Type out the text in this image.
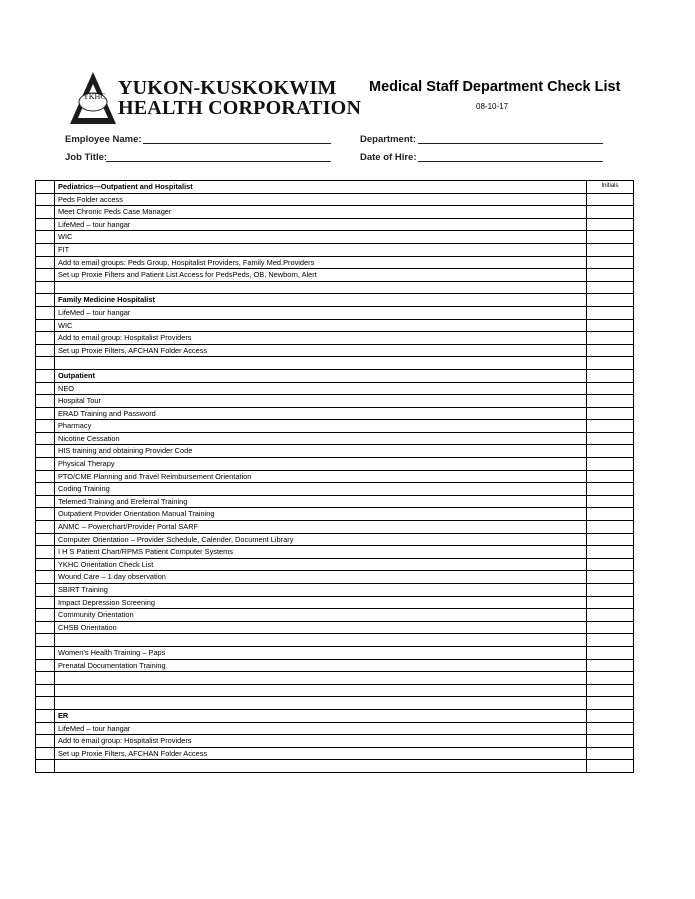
YKHC YUKON-KUSKOKWIM
HEALTH CORPORATION
Medical Staff Department Check List
08-10-17
Employee Name:
Job Title:
Department:
Date of Hire:
Pediatrics—Outpatient and Hospitalist	Initials
Peds Folder access
Meet Chronic Peds Case Manager
LifeMed – tour hangar
WIC
FIT
Add to email groups: Peds Group, Hospitalist Providers, Family Med.Providers
Set up Proxie Filters and Patient List Access for PedsPeds, OB, Newborn, Alert
Family Medicine Hospitalist
LifeMed – tour hangar
WIC
Add to email group: Hospitalist Providers
Set up Proxie Filters, AFCHAN Folder Access
Outpatient
NEO
Hospital Tour
ERAD Training and Password
Pharmacy
Nicotine Cessation
HIS training and obtaining Provider Code
Physical Therapy
PTO/CME Planning and Travel Reimbursement Orientation
Coding Training
Telemed Training and Ereferral Training
Outpatient Provider Orientation Manual Training
ANMC – Powerchart/Provider Portal SARF
Computer Orientation – Provider Schedule, Calender, Document Library
I H S Patient Chart/RPMS Patient Computer Systems
YKHC Orientation Check List
Wound Care – 1 day observation
SBIRT Training
Impact Depression Screening
Community Orientation
CHSB Orientation
Women’s Health Training – Paps
Prenatal Documentation Training
ER
LifeMed – tour hangar
Add to email group: Hospitalist Providers
Set up Proxie Filters, AFCHAN Folder Access
